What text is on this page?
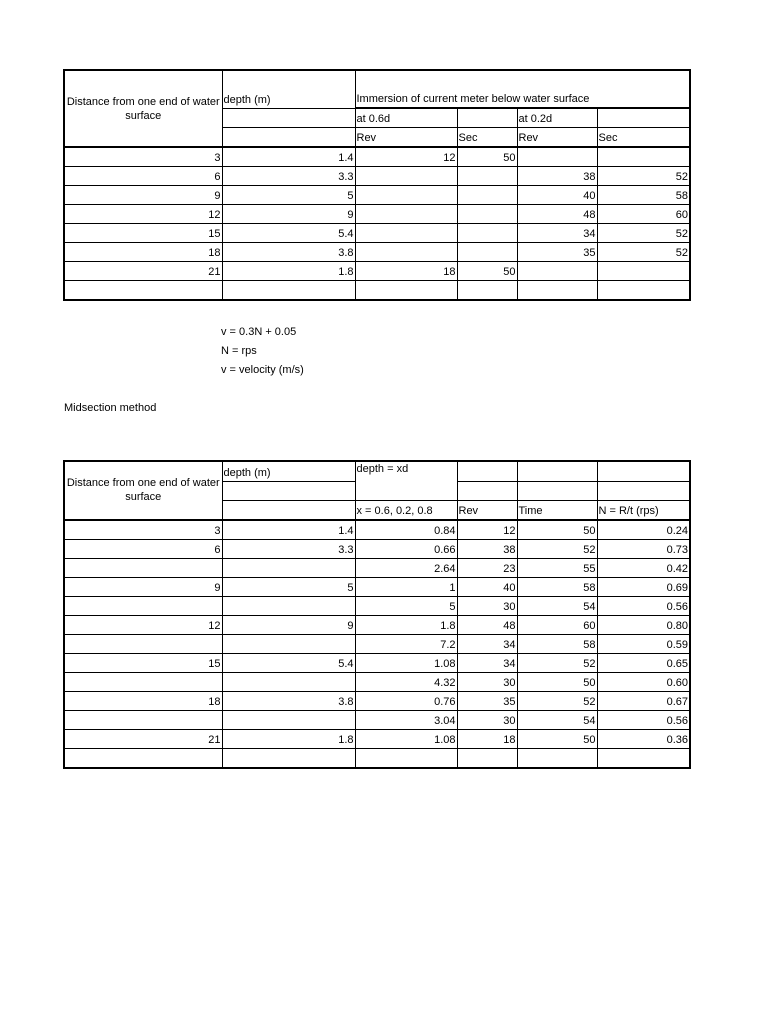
Distance from one end of water surface	depth (m)	Immersion of current meter below water surface			
		at 0.6d		at 0.2d	
		Rev	Sec	Rev	Sec
3	1.4	12	50		
6	3.3			38	52
9	5			40	58
12	9			48	60
15	5.4			34	52
18	3.8			35	52
21	1.8	18	50		

v = 0.3N + 0.05
N = rps
v = velocity (m/s)
Midsection method
Distance from one end of water surface	depth (m)	depth = xd			

		x = 0.6, 0.2, 0.8	Rev	Time	N = R/t (rps)
3	1.4	0.84	12	50	0.24
6	3.3	0.66	38	52	0.73
		2.64	23	55	0.42
9	5	1	40	58	0.69
		5	30	54	0.56
12	9	1.8	48	60	0.80
		7.2	34	58	0.59
15	5.4	1.08	34	52	0.65
		4.32	30	50	0.60
18	3.8	0.76	35	52	0.67
		3.04	30	54	0.56
21	1.8	1.08	18	50	0.36
